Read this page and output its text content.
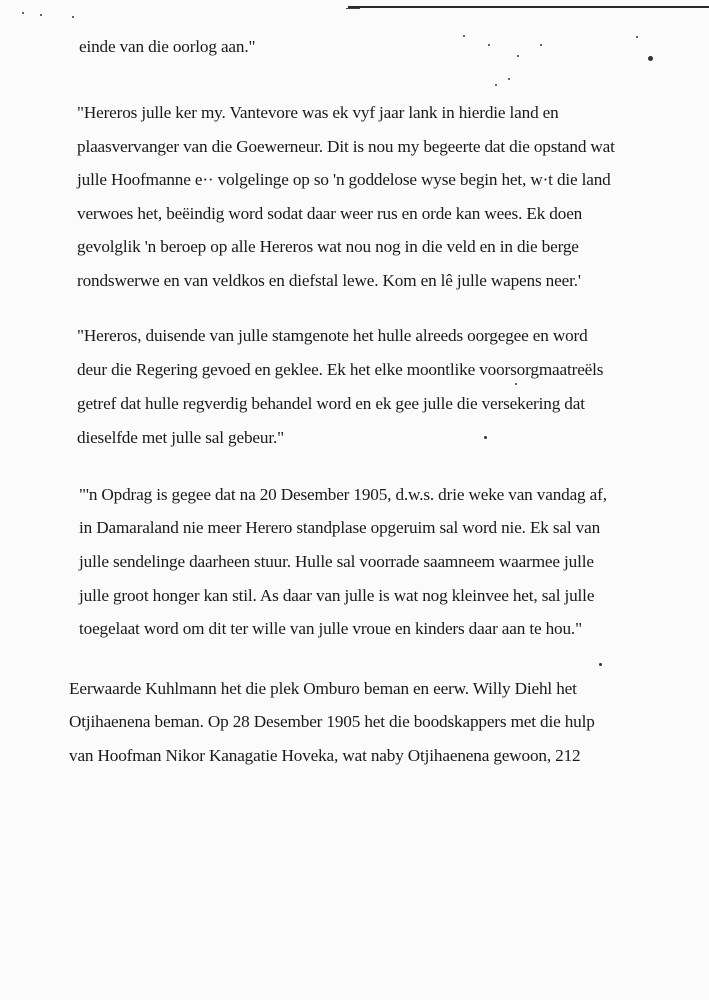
einde van die oorlog aan."
"Hereros julle ker my. Vantevore was ek vyf jaar lank in hierdie land en
plaasvervanger van die Goewerneur. Dit is nou my begeerte dat die opstand wat
julle Hoofmanne e·· volgelinge op so 'n goddelose wyse begin het, w·t die land
verwoes het, beëindig word sodat daar weer rus en orde kan wees. Ek doen
gevolglik 'n beroep op alle Hereros wat nou nog in die veld en in die berge
rondswerwe en van veldkos en diefstal lewe. Kom en lê julle wapens neer.'
"Hereros, duisende van julle stamgenote het hulle alreeds oorgegee en word
deur die Regering gevoed en geklee. Ek het elke moontlike voorsorgmaatreëls
getref dat hulle regverdig behandel word en ek gee julle die versekering dat
dieselfde met julle sal gebeur."
"'n Opdrag is gegee dat na 20 Desember 1905, d.w.s. drie weke van vandag af,
in Damaraland nie meer Herero standplase opgeruim sal word nie. Ek sal van
julle sendelinge daarheen stuur. Hulle sal voorrade saamneem waarmee julle
julle groot honger kan stil. As daar van julle is wat nog kleinvee het, sal julle
toegelaat word om dit ter wille van julle vroue en kinders daar aan te hou."
Eerwaarde Kuhlmann het die plek Omburo beman en eerw. Willy Diehl het
Otjihaenena beman. Op 28 Desember 1905 het die boodskappers met die hulp
van Hoofman Nikor Kanagatie Hoveka, wat naby Otjihaenena gewoon, 212
